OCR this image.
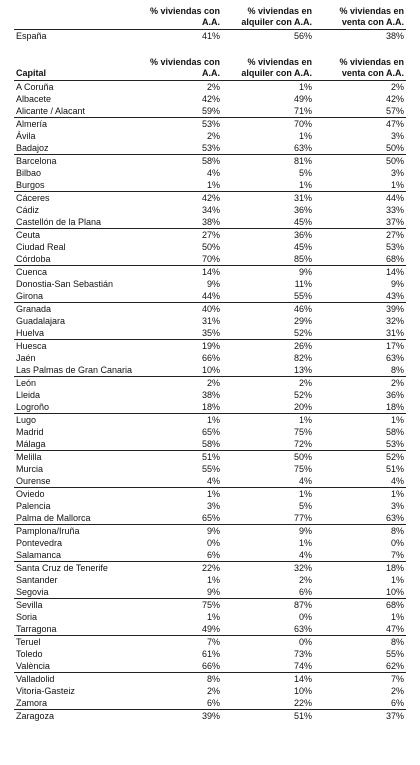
	% viviendas con A.A.	% viviendas en alquiler con A.A.	% viviendas en venta con A.A.
España	41%	56%	38%
Capital	% viviendas con A.A.	% viviendas en alquiler con A.A.	% viviendas en venta con A.A.
A Coruña	2%	1%	2%
Albacete	42%	49%	42%
Alicante / Alacant	59%	71%	57%
Almería	53%	70%	47%
Ávila	2%	1%	3%
Badajoz	53%	63%	50%
Barcelona	58%	81%	50%
Bilbao	4%	5%	3%
Burgos	1%	1%	1%
Cáceres	42%	31%	44%
Cádiz	34%	36%	33%
Castellón de la Plana	38%	45%	37%
Ceuta	27%	36%	27%
Ciudad Real	50%	45%	53%
Córdoba	70%	85%	68%
Cuenca	14%	9%	14%
Donostia-San Sebastián	9%	11%	9%
Girona	44%	55%	43%
Granada	40%	46%	39%
Guadalajara	31%	29%	32%
Huelva	35%	52%	31%
Huesca	19%	26%	17%
Jaén	66%	82%	63%
Las Palmas de Gran Canaria	10%	13%	8%
León	2%	2%	2%
Lleida	38%	52%	36%
Logroño	18%	20%	18%
Lugo	1%	1%	1%
Madrid	65%	75%	58%
Málaga	58%	72%	53%
Melilla	51%	50%	52%
Murcia	55%	75%	51%
Ourense	4%	4%	4%
Oviedo	1%	1%	1%
Palencia	3%	5%	3%
Palma de Mallorca	65%	77%	63%
Pamplona/Iruña	9%	9%	8%
Pontevedra	0%	1%	0%
Salamanca	6%	4%	7%
Santa Cruz de Tenerife	22%	32%	18%
Santander	1%	2%	1%
Segovia	9%	6%	10%
Sevilla	75%	87%	68%
Soria	1%	0%	1%
Tarragona	49%	63%	47%
Teruel	7%	0%	8%
Toledo	61%	73%	55%
València	66%	74%	62%
Valladolid	8%	14%	7%
Vitoria-Gasteiz	2%	10%	2%
Zamora	6%	22%	6%
Zaragoza	39%	51%	37%
